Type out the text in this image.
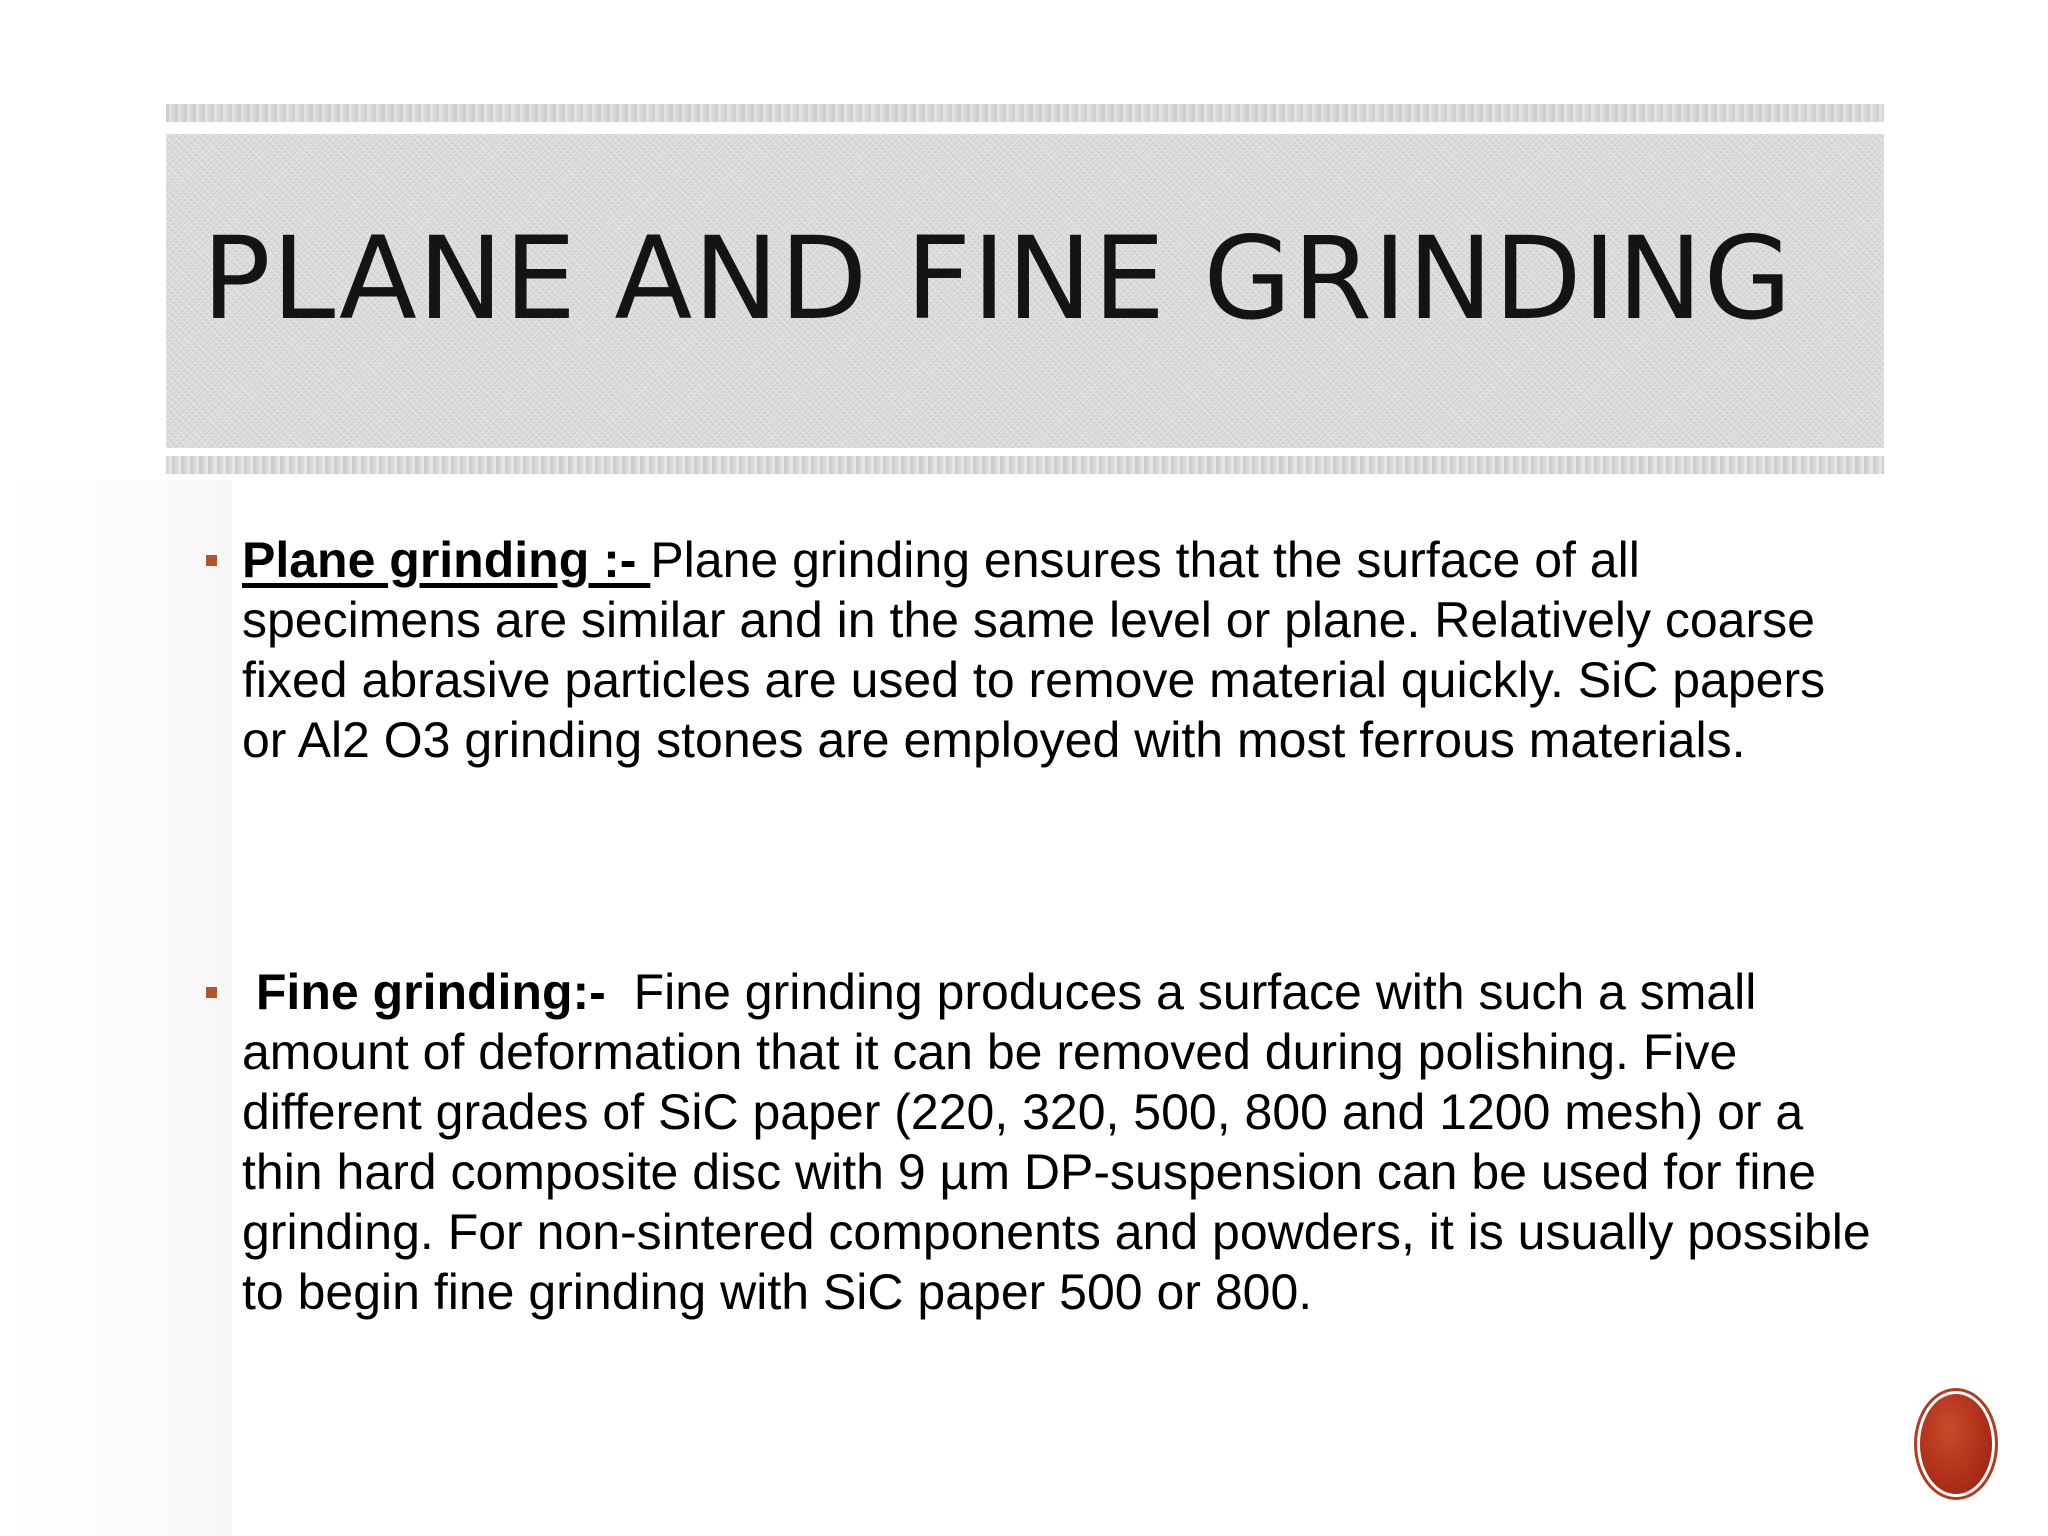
PLANE AND FINE GRINDING
Plane grinding :- Plane grinding ensures that the surface of all specimens are similar and in the same level or plane. Relatively coarse fixed abrasive particles are used to remove material quickly. SiC papers or Al2 O3 grinding stones are employed with most ferrous materials.
Fine grinding:-  Fine grinding produces a surface with such a small amount of deformation that it can be removed during polishing. Five different grades of SiC paper (220, 320, 500, 800 and 1200 mesh) or a thin hard composite disc with 9 µm DP-suspension can be used for fine grinding. For non-sintered components and powders, it is usually possible to begin fine grinding with SiC paper 500 or 800.
